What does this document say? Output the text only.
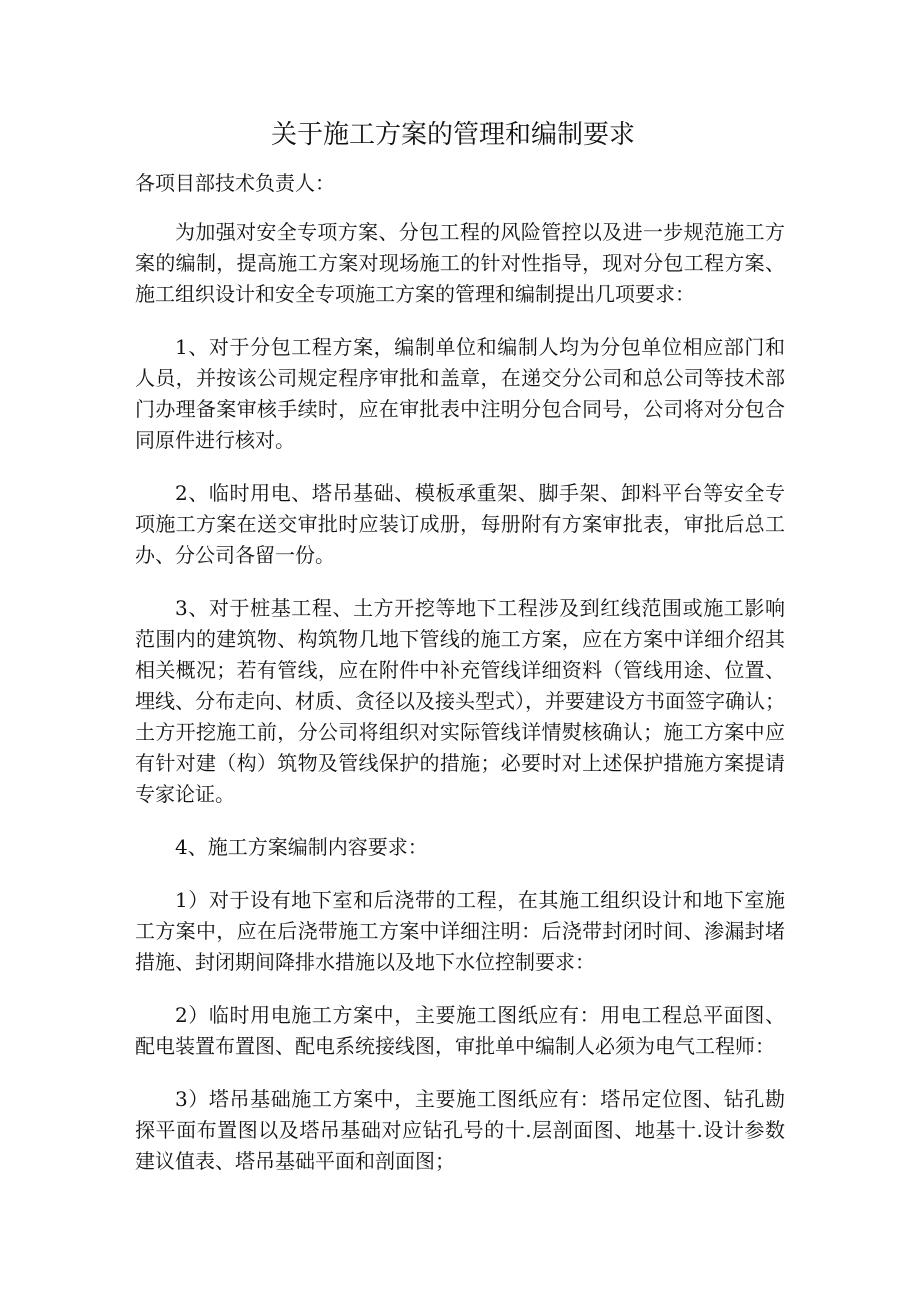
关于施工方案的管理和编制要求

各项目部技术负责人：

为加强对安全专项方案、分包工程的风险管控以及进一步规范施工方案的编制，提高施工方案对现场施工的针对性指导，现对分包工程方案、施工组织设计和安全专项施工方案的管理和编制提出几项要求：

1、对于分包工程方案，编制单位和编制人均为分包单位相应部门和人员，并按该公司规定程序审批和盖章，在递交分公司和总公司等技术部门办理备案审核手续时，应在审批表中注明分包合同号，公司将对分包合同原件进行核对。

2、临时用电、塔吊基础、模板承重架、脚手架、卸料平台等安全专项施工方案在送交审批时应装订成册，每册附有方案审批表，审批后总工办、分公司各留一份。

3、对于桩基工程、土方开挖等地下工程涉及到红线范围或施工影响范围内的建筑物、构筑物几地下管线的施工方案，应在方案中详细介绍其相关概况；若有管线，应在附件中补充管线详细资料（管线用途、位置、埋线、分布走向、材质、贪径以及接头型式），并要建设方书面签字确认；土方开挖施工前，分公司将组织对实际管线详情熨核确认；施工方案中应有针对建（构）筑物及管线保护的措施；必要时对上述保护措施方案提请专家论证。

4、施工方案编制内容要求：

1）对于设有地下室和后浇带的工程，在其施工组织设计和地下室施工方案中，应在后浇带施工方案中详细注明：后浇带封闭时间、渗漏封堵措施、封闭期间降排水措施以及地下水位控制要求：

2）临时用电施工方案中，主要施工图纸应有：用电工程总平面图、配电装置布置图、配电系统接线图，审批单中编制人必须为电气工程师：

3）塔吊基础施工方案中，主要施工图纸应有：塔吊定位图、钻孔勘探平面布置图以及塔吊基础对应钻孔号的十.层剖面图、地基十.设计参数建议值表、塔吊基础平面和剖面图；
